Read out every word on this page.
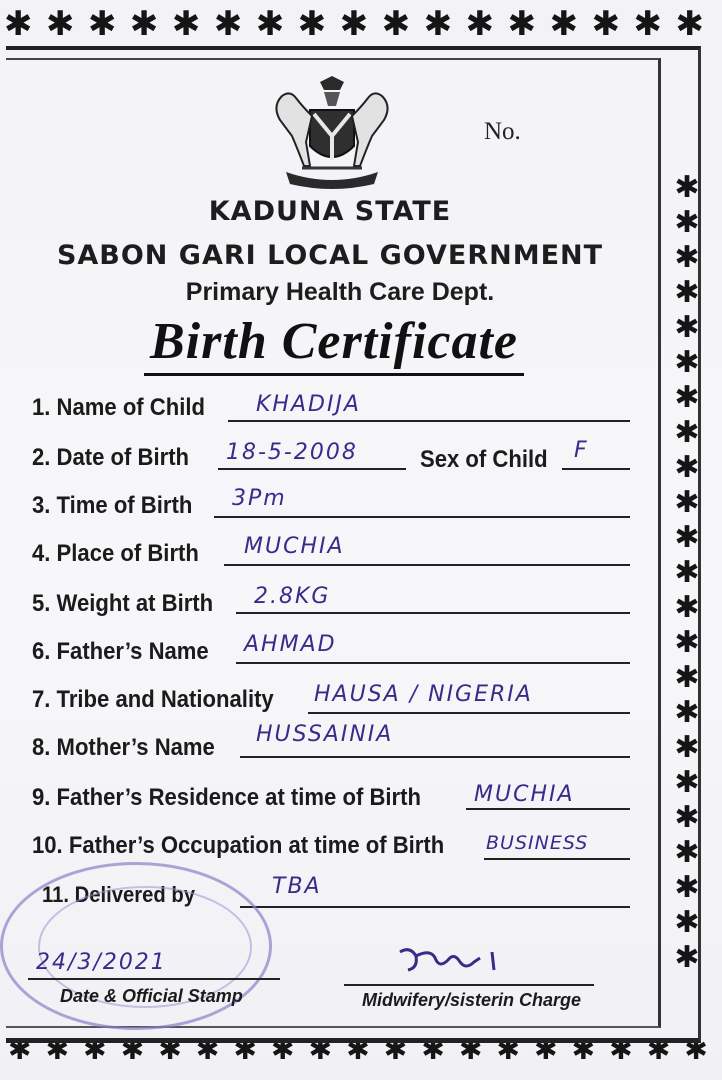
✱ ✱ ✱ ✱ ✱ ✱ ✱ ✱ ✱ ✱ ✱ ✱ ✱ ✱ ✱ ✱ ✱
✱
✱
✱
✱
✱
✱
✱
✱
✱
✱
✱
✱
✱
✱
✱
✱
✱
✱
✱
✱
✱
✱
✱
✱ ✱ ✱ ✱ ✱ ✱ ✱ ✱ ✱ ✱ ✱ ✱ ✱ ✱ ✱ ✱ ✱ ✱ ✱
No.
KADUNA STATE
SABON GARI LOCAL GOVERNMENT
Primary Health Care Dept.
Birth Certificate
1. Name of Child KHADIJA
2. Date of Birth 18-5-2008	Sex of Child F
3. Time of Birth 3Pm
4. Place of Birth MUCHIA
5. Weight at Birth 2.8KG
6. Father’s Name AHMAD
7. Tribe and Nationality HAUSA / NIGERIA
8. Mother’s Name HUSSAINIA
9. Father’s Residence at time of Birth MUCHIA
10. Father’s Occupation at time of Birth BUSINESS
11. Delivered by	TBA
24/3/2021
Date & Official Stamp	Midwifery/sisterin Charge
